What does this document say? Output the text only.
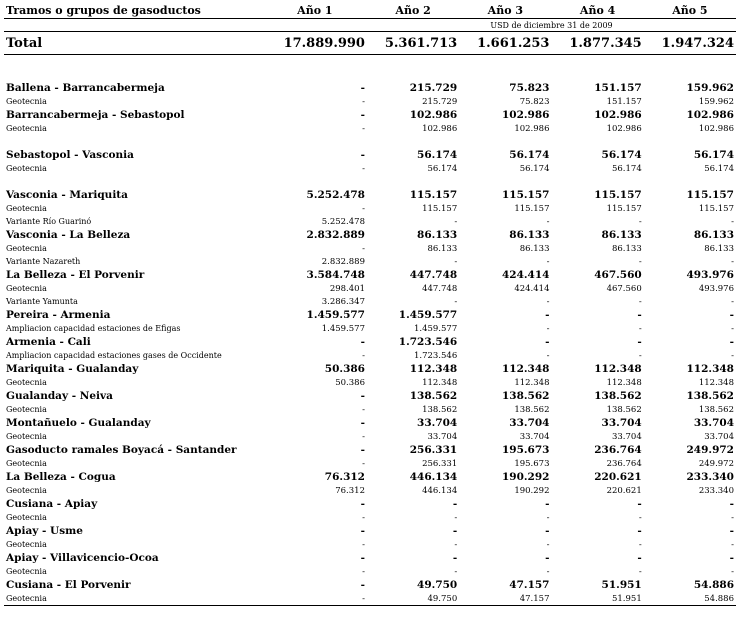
Tramos o grupos de gasoductos	Año 1	Año 2	Año 3	Año 4	Año 5
		USD de diciembre 31 de 2009			
Total	17.889.990	5.361.713	1.661.253	1.877.345	1.947.324

Ballena - Barrancabermeja	-	215.729	75.823	151.157	159.962
Geotecnia	-	215.729	75.823	151.157	159.962
Barrancabermeja - Sebastopol	-	102.986	102.986	102.986	102.986
Geotecnia	-	102.986	102.986	102.986	102.986

Sebastopol - Vasconia	-	56.174	56.174	56.174	56.174
Geotecnia	-	56.174	56.174	56.174	56.174

Vasconia - Mariquita	5.252.478	115.157	115.157	115.157	115.157
Geotecnia	-	115.157	115.157	115.157	115.157
Variante Río Guarinó	5.252.478	-	-	-	-
Vasconia - La Belleza	2.832.889	86.133	86.133	86.133	86.133
Geotecnia	-	86.133	86.133	86.133	86.133
Variante Nazareth	2.832.889	-	-	-	-
La Belleza - El Porvenir	3.584.748	447.748	424.414	467.560	493.976
Geotecnia	298.401	447.748	424.414	467.560	493.976
Variante Yamunta	3.286.347	-	-	-	-
Pereira - Armenia	1.459.577	1.459.577	-	-	-
Ampliacion capacidad estaciones de Efigas	1.459.577	1.459.577	-	-	-
Armenia - Cali	-	1.723.546	-	-	-
Ampliacion capacidad estaciones gases de Occidente	-	1.723.546	-	-	-
Mariquita - Gualanday	50.386	112.348	112.348	112.348	112.348
Geotecnia	50.386	112.348	112.348	112.348	112.348
Gualanday - Neiva	-	138.562	138.562	138.562	138.562
Geotecnia	-	138.562	138.562	138.562	138.562
Montañuelo - Gualanday	-	33.704	33.704	33.704	33.704
Geotecnia	-	33.704	33.704	33.704	33.704
Gasoducto ramales Boyacá - Santander	-	256.331	195.673	236.764	249.972
Geotecnia	-	256.331	195.673	236.764	249.972
La Belleza - Cogua	76.312	446.134	190.292	220.621	233.340
Geotecnia	76.312	446.134	190.292	220.621	233.340
Cusiana - Apiay	-	-	-	-	-
Geotecnia	-	-	-	-	-
Apiay - Usme	-	-	-	-	-
Geotecnia	-	-	-	-	-
Apiay - Villavicencio-Ocoa	-	-	-	-	-
Geotecnia	-	-	-	-	-
Cusiana - El Porvenir	-	49.750	47.157	51.951	54.886
Geotecnia	-	49.750	47.157	51.951	54.886
